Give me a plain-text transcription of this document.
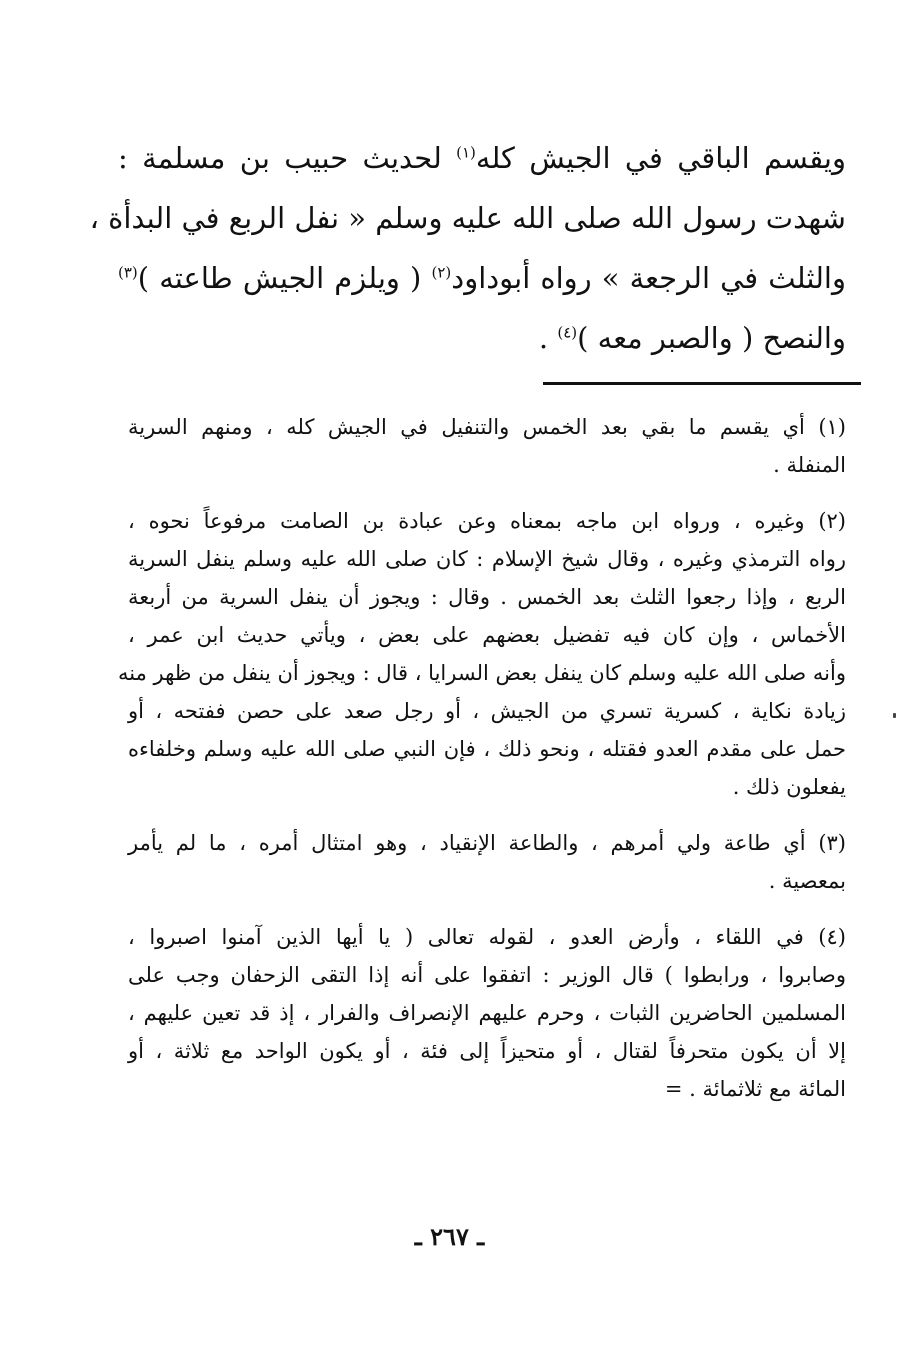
ويقسم الباقي في الجيش كله$^{(١)}$ لحديث حبيب بن مسلمة :
شهدت رسول الله صلى الله عليه وسلم « نفل الربع في البدأة ،
والثلث في الرجعة » رواه أبوداود$^{(٢)}$ ( ويلزم الجيش طاعته )$^{(٣)}$
والنصح ( والصبر معه )$^{(٤)}$ .
(١) أي يقسم ما بقي بعد الخمس والتنفيل في الجيش كله ، ومنهم السرية
المنفلة .
(٢) وغيره ، ورواه ابن ماجه بمعناه وعن عبادة بن الصامت مرفوعاً نحوه ،
رواه الترمذي وغيره ، وقال شيخ الإسلام : كان صلى الله عليه وسلم ينفل السرية
الربع ، وإذا رجعوا الثلث بعد الخمس . وقال : ويجوز أن ينفل السرية من أربعة
الأخماس ، وإن كان فيه تفضيل بعضهم على بعض ، ويأتي حديث ابن عمر ،
وأنه صلى الله عليه وسلم كان ينفل بعض السرايا ، قال : ويجوز أن ينفل من ظهر منه
زيادة نكاية ، كسرية تسري من الجيش ، أو رجل صعد على حصن ففتحه ، أو
حمل على مقدم العدو فقتله ، ونحو ذلك ، فإن النبي صلى الله عليه وسلم وخلفاءه
يفعلون ذلك .
(٣) أي طاعة ولي أمرهم ، والطاعة الإنقياد ، وهو امتثال أمره ، ما لم يأمر
بمعصية .
(٤) في اللقاء ، وأرض العدو ، لقوله تعالى ( يا أيها الذين آمنوا اصبروا ،
وصابروا ، ورابطوا ) قال الوزير : اتفقوا على أنه إذا التقى الزحفان وجب على
المسلمين الحاضرين الثبات ، وحرم عليهم الإنصراف والفرار ، إذ قد تعين عليهم ،
إلا أن يكون متحرفاً لقتال ، أو متحيزاً إلى فئة ، أو يكون الواحد مع ثلاثة ، أو
المائة مع ثلاثمائة . =
ـ ٢٦٧ ـ
